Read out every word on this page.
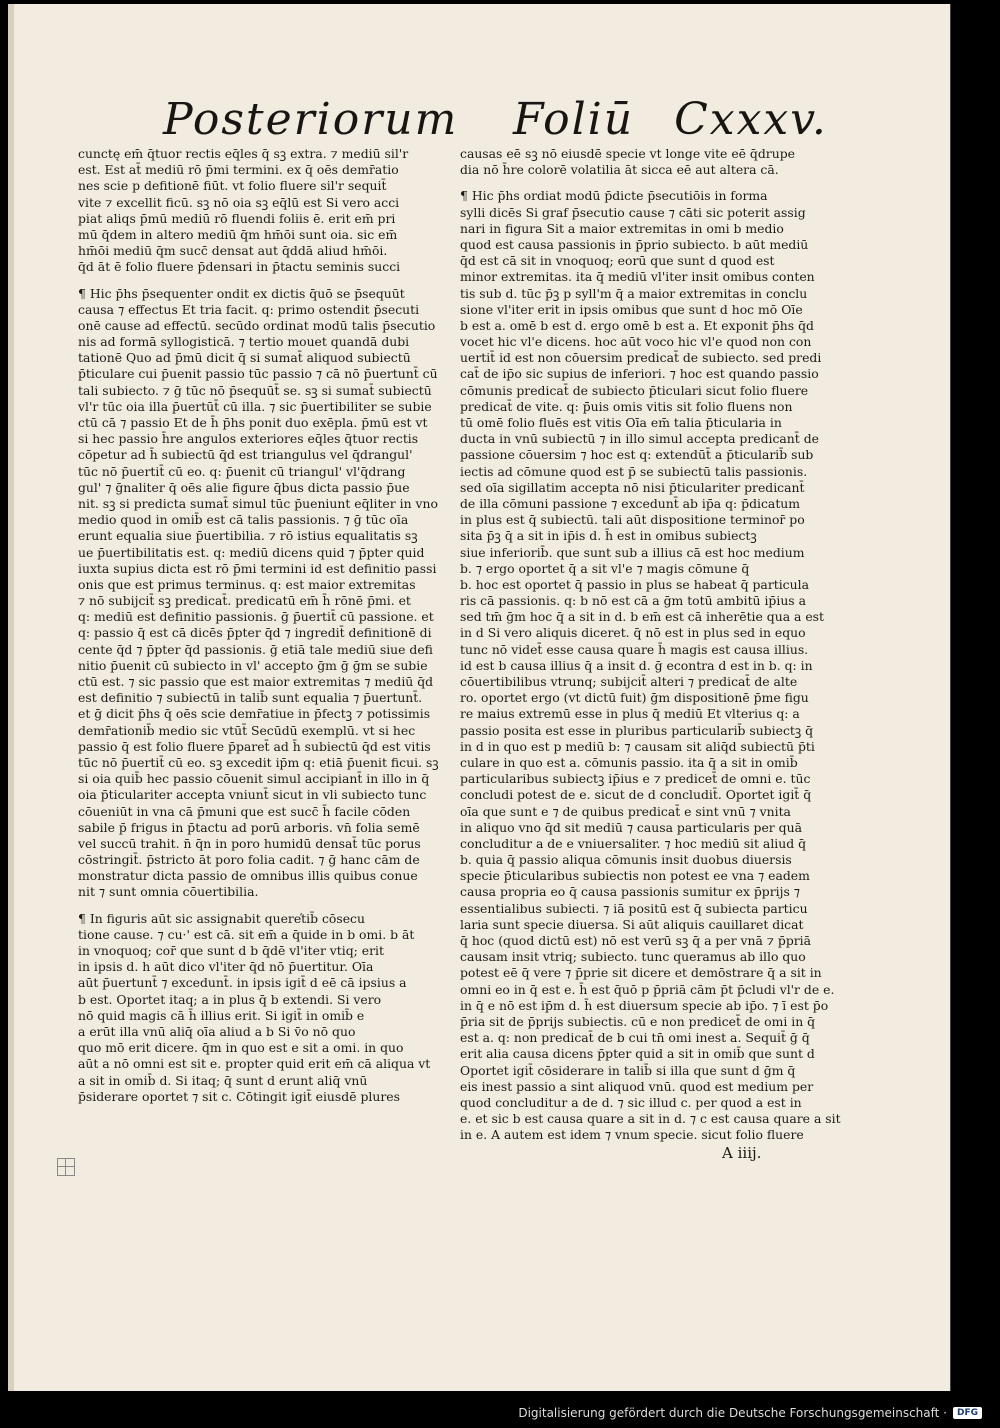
Posteriorum Foliū Cxxxv.
cunctę em̄ q̄tuor rectis eq̄les q̄ sꝫ extra. ⁊ mediū sil'r
est. Est at̄ mediū rō p̄mi termini. ex q̄ oēs demr̄atio
nes scie p defitionē fiūt. vt folio fluere sil'r sequit̄
vite ⁊ excellit ficū. sꝫ nō oia sꝫ eq̄lū est Si vero acci
piat aliqs p̄mū mediū rō fluendi foliis ē. erit em̄ pri
mū q̄dem in altero mediū q̄m hm̄ōi sunt oia. sic em̄
hm̄ōi mediū q̄m succ̄ densat aut q̄ddā aliud hm̄ōi.
q̄d āt ē folio fluere p̄densari in p̄tactu seminis succi
¶ Hic p̄hs p̄sequenter ondit ex dictis q̄uō se p̄sequūt
causa ⁊ effectus Et tria facit. q: primo ostendit p̄secuti
onē cause ad effectū. secūdo ordinat modū talis p̄secutio
nis ad formā syllogisticā. ⁊ tertio mouet quandā dubi
tationē Quo ad p̄mū dicit q̄ si sumat̄ aliquod subiectū
p̄ticulare cui p̄uenit passio tūc passio ⁊ cā nō p̄uertunt̄ cū
tali subiecto. ⁊ ḡ tūc nō p̄sequūt̄ se. sꝫ si sumat̄ subiectū
vl'r tūc oia illa p̄uertūt̄ cū illa. ⁊ sic p̄uertibiliter se subie
ctū cā ⁊ passio Et de h̄ p̄hs ponit duo exēpla. p̄mū est vt
si hec passio h̄re angulos exteriores eq̄les q̄tuor rectis
cōpetur ad h̄ subiectū q̄d est triangulus vel q̄drangul'
tūc nō p̄uertit̄ cū eo. q: p̄uenit cū triangul' vl'q̄drang
gul' ⁊ ḡnaliter q̄ oēs alie figure q̄bus dicta passio p̄ue
nit. sꝫ si predicta sumat̄ simul tūc p̄ueniunt eq̄liter in vno
medio quod in omib̄ est cā talis passionis. ⁊ ḡ tūc oīa
erunt equalia siue p̄uertibilia. ⁊ rō istius equalitatis sꝫ
ue p̄uertibilitatis est. q: mediū dicens quid ⁊ p̄pter quid
iuxta supius dicta est rō p̄mi termini id est definitio passi
onis que est primus terminus. q: est maior extremitas
⁊ nō subijcit̄ sꝫ predicat̄. predicatū em̄ h̄ rōnē p̄mi. et
q: mediū est definitio passionis. ḡ p̄uertit̄ cū passione. et
q: passio q̄ est cā dicēs p̄pter q̄d ⁊ ingredit̄ definitionē di
cente q̄d ⁊ p̄pter q̄d passionis. ḡ etiā tale mediū siue defi
nitio p̄uenit cū subiecto in vl' accepto ḡm ḡ ḡm se subie
ctū est. ⁊ sic passio que est maior extremitas ⁊ mediū q̄d
est definitio ⁊ subiectū in talib̄ sunt equalia ⁊ p̄uertunt̄.
et ḡ dicit p̄hs q̄ oēs scie demr̄atiue in p̄fectꝫ ⁊ potissimis
demr̄ationib̄ medio sic vtūt̄ Secūdū exemplū. vt si hec
passio q̄ est folio fluere p̄paret̄ ad h̄ subiectū q̄d est vitis
tūc nō p̄uertit̄ cū eo. sꝫ excedit ip̄m q: etiā p̄uenit ficui. sꝫ
si oia quib̄ hec passio cōuenit simul accipiant̄ in illo in q̄
oia p̄ticulariter accepta vniunt̄ sicut in vli subiecto tunc
cōueniūt in vna cā p̄muni que est succ̄ h̄ facile cōden
sabile p̄ frigus in p̄tactu ad porū arboris. vn̄ folia semē
vel succū trahit. n̄ q̄n in poro humidū densat̄ tūc porus
cōstringit̄. p̄stricto āt poro folia cadit. ⁊ ḡ hanc cām de
monstratur dicta passio de omnibus illis quibus conue
nit ⁊ sunt omnia cōuertibilia.
¶ In figuris aūt sic assignabit quere̕tib̄ cōsecu
tione cause. ⁊ cu·' est cā. sit em̄ a q̄uide in b omi. b āt
in vnoquoq; cor̄ que sunt d b q̄dē vl'iter vtiq; erit
in ipsis d. h aūt dico vl'iter q̄d nō p̄uertitur. Oīa
aūt p̄uertunt̄ ⁊ excedunt̄. in ipsis igit̄ d eē cā ipsius a
b est. Oportet itaq; a in plus q̄ b extendi. Si vero
nō quid magis cā h̄ illius erit. Si igit̄ in omib̄ e
a erūt illa vnū aliq̄ oīa aliud a b Si v̄o nō quo
quo mō erit dicere. q̄m in quo est e sit a omi. in quo
aūt a nō omni est sit e. propter quid erit em̄ cā aliqua vt
a sit in omib̄ d. Si itaq; q̄ sunt d erunt aliq̄ vnū
p̄siderare oportet ⁊ sit c. Cōtingit igit̄ eiusdē plures
causas eē sꝫ nō eiusdē specie vt longe vite eē q̄drupe
dia nō h̄re colorē volatilia āt sicca eē aut altera cā.
¶ Hic p̄hs ordiat modū p̄dicte p̄secutiōis in forma
sylli dicēs Si graf p̄secutio cause ⁊ cāti sic poterit assig
nari in figura Sit a maior extremitas in omi b medio
quod est causa passionis in p̄prio subiecto. b aūt mediū
q̄d est cā sit in vnoquoq; eorū que sunt d quod est
minor extremitas. ita q̄ mediū vl'iter insit omibus conten
tis sub d. tūc p̄ꝫ p syll'm q̄ a maior extremitas in conclu
sione vl'iter erit in ipsis omibus que sunt d hoc mō Oīe
b est a. omē b est d. ergo omē b est a. Et exponit p̄hs q̄d
vocet hic vl'e dicens. hoc aūt voco hic vl'e quod non con
uertit̄ id est non cōuersim predicat̄ de subiecto. sed predi
cat̄ de ip̄o sic supius de inferiori. ⁊ hoc est quando passio
cōmunis predicat̄ de subiecto p̄ticulari sicut folio fluere
predicat̄ de vite. q: p̄̄uis omis vitis sit folio fluens non
tū omē folio fluēs est vitis Oīa em̄ talia p̄ticularia in
ducta in vnū subiectū ⁊ in illo simul accepta predicant̄ de
passione cōuersim ⁊ hoc est q: extendūt̄ a p̄ticularib̄ sub
iectis ad cōmune quod est p̄ se subiectū talis passionis.
sed oīa sigillatim accepta nō nisi p̄ticulariter predicant̄
de illa cōmuni passione ⁊ excedunt̄ ab ip̄a q: p̄dicatum
in plus est q̄ subiectū. tali aūt dispositione terminor̄ po
sita p̄ꝫ q̄ a sit in ip̄is d. h̄ est in omibus subiectꝫ
siue inferiorib̄. que sunt sub a illius cā est hoc medium
b. ⁊ ergo oportet q̄ a sit vl'e ⁊ magis cōmune q̄
b. hoc est oportet q̄ passio in plus se habeat q̄ particula
ris cā passionis. q: b nō est cā a ḡm totū ambitū ip̄ius a
sed tm̄ ḡm hoc q̄ a sit in d. b em̄ est cā inherētie qua a est
in d Si vero aliquis diceret. q̄ nō est in plus sed in equo
tunc nō videt̄ esse causa quare h̄ magis est causa illius.
id est b causa illius q̄ a insit d. ḡ econtra d est in b. q: in
cōuertibilibus vtrunq; subijcit̄ alteri ⁊ predicat̄ de alte
ro. oportet ergo (vt dictū fuit) ḡm dispositionē p̄me figu
re maius extremū esse in plus q̄ mediū Et vlterius q: a
passio posita est esse in pluribus particularib̄ subiectꝫ q̄
in d in quo est p mediū b: ⁊ causam sit aliq̄d subiectū p̄ti
culare in quo est a. cōmunis passio. ita q̄ a sit in omib̄
particularibus subiectꝫ ip̄ius e ⁊ predicet̄ de omni e. tūc
concludi potest de e. sicut de d concludit̄. Oportet igit̄ q̄
oīa que sunt e ⁊ de quibus predicat̄ e sint vnū ⁊ vnita
in aliquo vno q̄d sit mediū ⁊ causa particularis per quā
concluditur a de e vniuersaliter. ⁊ hoc mediū sit aliud q̄
b. quia q̄ passio aliqua cōmunis insit duobus diuersis
specie p̄ticularibus subiectis non potest ee vna ⁊ eadem
causa propria eo q̄ causa passionis sumitur ex p̄prijs ⁊
essentialibus subiecti. ⁊ iā positū est q̄ subiecta particu
laria sunt specie diuersa. Si aūt aliquis cauillaret dicat
q̄ hoc (quod dictū est) nō est verū sꝫ q̄ a per vnā ⁊ p̄priā
causam insit vtriq; subiecto. tunc queramus ab illo quo
potest eē q̄ vere ⁊ p̄prie sit dicere et demōstrare q̄ a sit in
omni eo in q̄ est e. h̄ est q̄uō p p̄priā cām p̄t p̄cludi vl'r de e.
in q̄ e nō est ip̄m d. h̄ est diuersum specie ab ip̄o. ⁊ ī est p̄o
p̄ria sit de p̄prijs subiectis. cū e non predicet̄ de omi in q̄
est a. q: non predicat̄ de b cui tn̄ omi inest a. Sequit̄ ḡ q̄
erit alia causa dicens p̄pter quid a sit in omib̄ que sunt d
Oportet igit̄ cōsiderare in talib̄ si illa que sunt d ḡm q̄
eis inest passio a sint aliquod vnū. quod est medium per
quod concluditur a de d. ⁊ sic illud c. per quod a est in
e. et sic b est causa quare a sit in d. ⁊ c est causa quare a sit
in e. A autem est idem ⁊ vnum specie. sicut folio fluere
A iiij.
Digitalisierung gefördert durch die Deutsche Forschungsgemeinschaft ·	DFG
